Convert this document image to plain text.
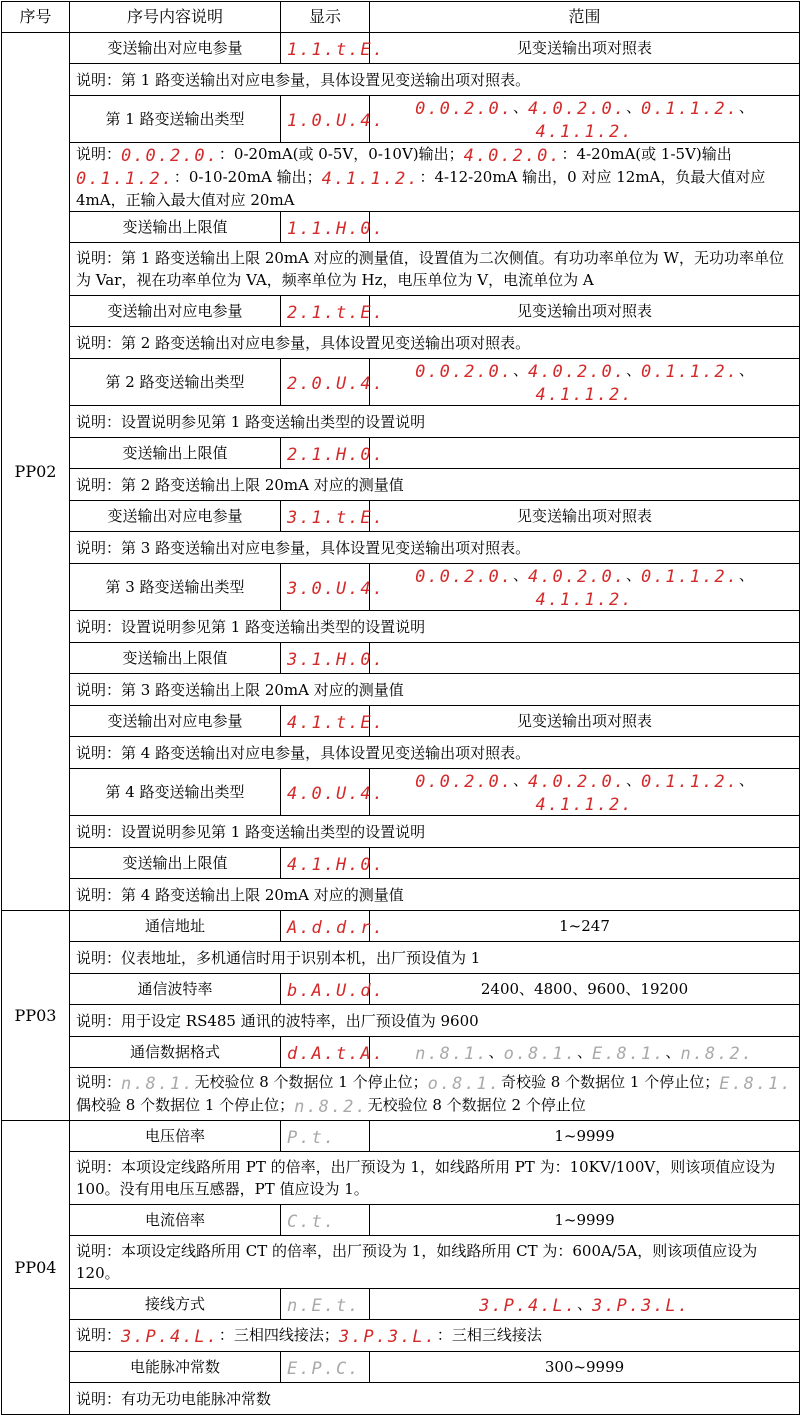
序号	序号内容说明	显示	范围
PP02	变送输出对应电参量	1.1.t.E.	见变送输出项对照表
	说明：第 1 路变送输出对应电参量，具体设置见变送输出项对照表。		
	第 1 路变送输出类型	1.0.U.4.	0.0.2.0.、4.0.2.0.、0.1.1.2.、4.1.1.2.
	说明：0.0.2.0.：0-20mA(或 0-5V，0-10V)输出；4.0.2.0.：4-20mA(或 1-5V)输出 0.1.1.2.：0-10-20mA 输出；4.1.1.2.：4-12-20mA 输出，0 对应 12mA，负最大值对应 4mA，正输入最大值对应 20mA		
	变送输出上限值	1.1.H.0.	
	说明：第 1 路变送输出上限 20mA 对应的测量值，设置值为二次侧值。有功功率单位为 W，无功功率单位为 Var，视在功率单位为 VA，频率单位为 Hz，电压单位为 V，电流单位为 A		
	变送输出对应电参量	2.1.t.E.	见变送输出项对照表
	说明：第 2 路变送输出对应电参量，具体设置见变送输出项对照表。		
	第 2 路变送输出类型	2.0.U.4.	0.0.2.0.、4.0.2.0.、0.1.1.2.、4.1.1.2.
	说明：设置说明参见第 1 路变送输出类型的设置说明		
	变送输出上限值	2.1.H.0.	
	说明：第 2 路变送输出上限 20mA 对应的测量值		
	变送输出对应电参量	3.1.t.E.	见变送输出项对照表
	说明：第 3 路变送输出对应电参量，具体设置见变送输出项对照表。		
	第 3 路变送输出类型	3.0.U.4.	0.0.2.0.、4.0.2.0.、0.1.1.2.、4.1.1.2.
	说明：设置说明参见第 1 路变送输出类型的设置说明		
	变送输出上限值	3.1.H.0.	
	说明：第 3 路变送输出上限 20mA 对应的测量值		
	变送输出对应电参量	4.1.t.E.	见变送输出项对照表
	说明：第 4 路变送输出对应电参量，具体设置见变送输出项对照表。		
	第 4 路变送输出类型	4.0.U.4.	0.0.2.0.、4.0.2.0.、0.1.1.2.、4.1.1.2.
	说明：设置说明参见第 1 路变送输出类型的设置说明		
	变送输出上限值	4.1.H.0.	
	说明：第 4 路变送输出上限 20mA 对应的测量值		
PP03	通信地址	A.d.d.r.	1~247
	说明：仪表地址，多机通信时用于识别本机，出厂预设值为 1		
	通信波特率	b.A.U.d.	2400、4800、9600、19200
	说明：用于设定 RS485 通讯的波特率，出厂预设值为 9600		
	通信数据格式	d.A.t.A.	n.8.1.、o.8.1.、E.8.1.、n.8.2.
	说明：n.8.1.无校验位 8 个数据位 1 个停止位；o.8.1.奇校验 8 个数据位 1 个停止位；E.8.1.偶校验 8 个数据位 1 个停止位；n.8.2.无校验位 8 个数据位 2 个停止位		
PP04	电压倍率	P.t.	1~9999
	说明：本项设定线路所用 PT 的倍率，出厂预设为 1，如线路所用 PT 为：10KV/100V，则该项值应设为 100。没有用电压互感器，PT 值应设为 1。		
	电流倍率	C.t.	1~9999
	说明：本项设定线路所用 CT 的倍率，出厂预设为 1，如线路所用 CT 为：600A/5A，则该项值应设为 120。		
	接线方式	n.E.t.	3.P.4.L.、3.P.3.L.
	说明：3.P.4.L.：三相四线接法；3.P.3.L.：三相三线接法		
	电能脉冲常数	E.P.C.	300~9999
	说明：有功无功电能脉冲常数		
